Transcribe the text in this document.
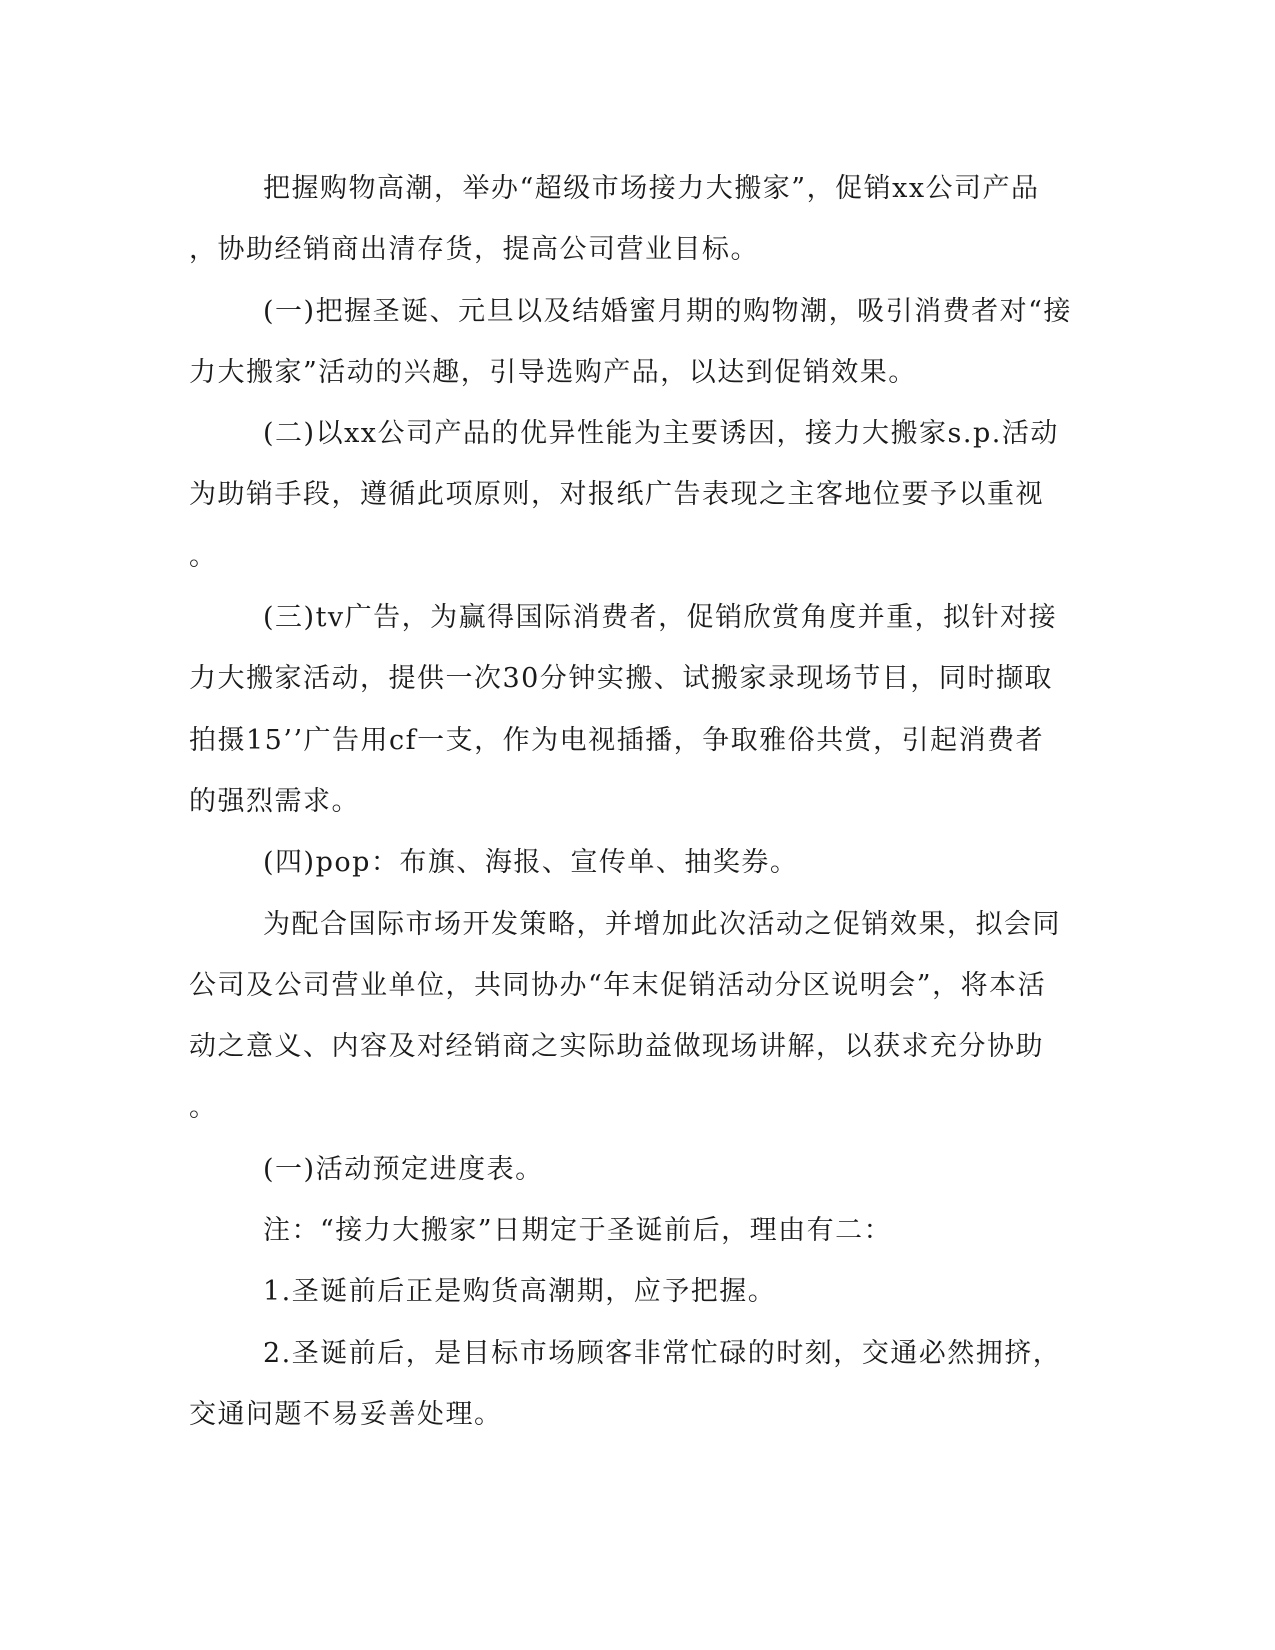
把握购物高潮，举办“超级市场接力大搬家”，促销xx公司产品
，协助经销商出清存货，提高公司营业目标。

(一)把握圣诞、元旦以及结婚蜜月期的购物潮，吸引消费者对“接
力大搬家”活动的兴趣，引导选购产品，以达到促销效果。

(二)以xx公司产品的优异性能为主要诱因，接力大搬家s.p.活动
为助销手段，遵循此项原则，对报纸广告表现之主客地位要予以重视
。

(三)tv广告，为赢得国际消费者，促销欣赏角度并重，拟针对接
力大搬家活动，提供一次30分钟实搬、试搬家录现场节目，同时撷取
拍摄15’’广告用cf一支，作为电视插播，争取雅俗共赏，引起消费者
的强烈需求。

(四)pop：布旗、海报、宣传单、抽奖券。

为配合国际市场开发策略，并增加此次活动之促销效果，拟会同
公司及公司营业单位，共同协办“年末促销活动分区说明会”，将本活
动之意义、内容及对经销商之实际助益做现场讲解，以获求充分协助
。

(一)活动预定进度表。

注：“接力大搬家”日期定于圣诞前后，理由有二：

1.圣诞前后正是购货高潮期，应予把握。

2.圣诞前后，是目标市场顾客非常忙碌的时刻，交通必然拥挤，
交通问题不易妥善处理。
